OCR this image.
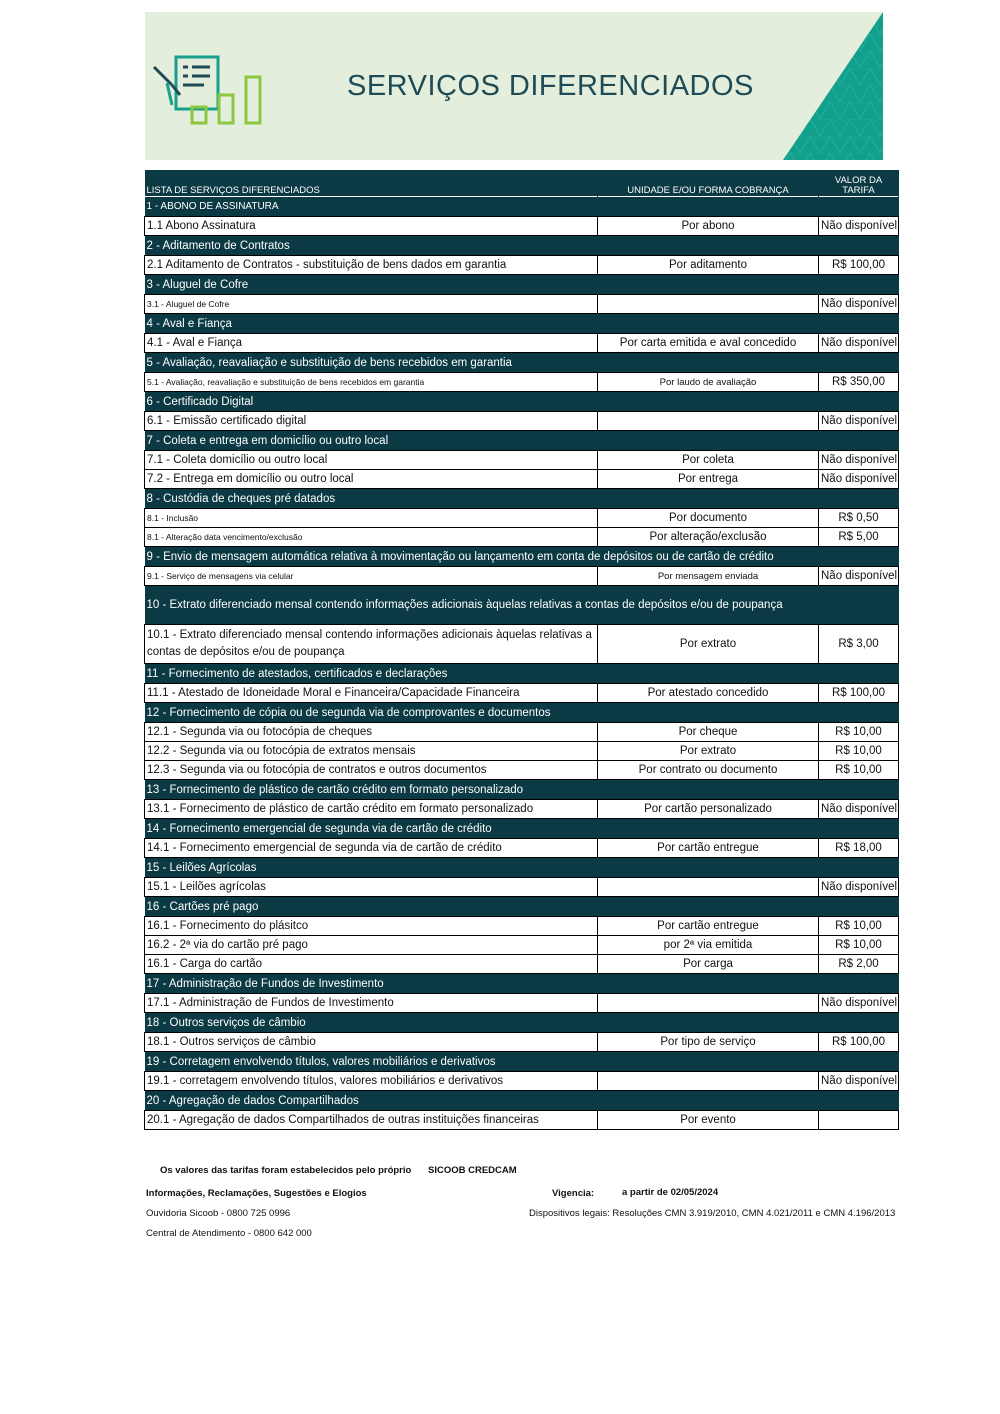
SERVIÇOS DIFERENCIADOS
LISTA DE SERVIÇOS DIFERENCIADOS	UNIDADE E/OU FORMA COBRANÇA	VALOR DA TARIFA
1 - ABONO DE ASSINATURA		
1.1 Abono Assinatura	Por abono	Não disponível
2 - Aditamento de Contratos		
2.1 Aditamento de Contratos - substituição de bens dados em garantia	Por aditamento	R$ 100,00
3 - Aluguel de Cofre		
3.1 - Aluguel de Cofre		Não disponível
4 - Aval e Fiança		
4.1 - Aval e Fiança	Por carta emitida e aval concedido	Não disponível
5 - Avaliação, reavaliação e substituição de bens recebidos em garantia		
5.1 - Avaliação, reavaliação e substituição de bens recebidos em garantia	Por laudo de avaliação	R$ 350,00
6 - Certificado Digital		
6.1 - Emissão certificado digital		Não disponível
7 - Coleta e entrega em domicílio ou outro local		
7.1 - Coleta domicílio ou outro local	Por coleta	Não disponível
7.2 - Entrega em domicílio ou outro local	Por entrega	Não disponível
8 - Custódia de cheques pré datados		
8.1 - Inclusão	Por documento	R$ 0,50
8.1 - Alteração data vencimento/exclusão	Por alteração/exclusão	R$ 5,00
9 - Envio de mensagem automática relativa à movimentação ou lançamento em conta de depósitos ou de cartão de crédito		
9.1 - Serviço de mensagens via celular	Por mensagem enviada	Não disponível
10 - Extrato diferenciado mensal contendo informações adicionais àquelas relativas a contas de depósitos e/ou de poupança		
10.1 - Extrato diferenciado mensal contendo informações adicionais àquelas relativas a contas de depósitos e/ou de poupança	Por extrato	R$ 3,00
11 - Fornecimento de atestados, certificados e declarações		
11.1 - Atestado de Idoneidade Moral e Financeira/Capacidade Financeira	Por atestado concedido	R$ 100,00
12 - Fornecimento de cópia ou de segunda via de comprovantes e documentos		
12.1 - Segunda via ou fotocópia de cheques	Por cheque	R$ 10,00
12.2 - Segunda via ou fotocópia de extratos mensais	Por extrato	R$ 10,00
12.3 - Segunda via ou fotocópia de contratos e outros documentos	Por contrato ou documento	R$ 10,00
13 - Fornecimento de plástico de cartão crédito em formato personalizado		
13.1 - Fornecimento de plástico de cartão crédito em formato personalizado	Por cartão personalizado	Não disponível
14 - Fornecimento emergencial de segunda via de cartão de crédito		
14.1 - Fornecimento emergencial de segunda via de cartão de crédito	Por cartão entregue	R$ 18,00
15 - Leilões Agrícolas		
15.1 - Leilões agrícolas		Não disponível
16 - Cartões pré pago		
16.1 - Fornecimento do plásitco	Por cartão entregue	R$ 10,00
16.2 - 2ª via do cartão pré pago	por 2ª via emitida	R$ 10,00
16.1 - Carga do cartão	Por carga	R$ 2,00
17 - Administração de Fundos de Investimento		
17.1 - Administração de Fundos de Investimento		Não disponível
18 - Outros serviços de câmbio		
18.1 - Outros serviços de câmbio	Por tipo de serviço	R$ 100,00
19 - Corretagem envolvendo títulos, valores mobiliários e derivativos		
19.1 - corretagem envolvendo títulos, valores mobiliários e derivativos		Não disponível
20 - Agregação de dados Compartilhados		
20.1 - Agregação de dados Compartilhados de outras instituições financeiras	Por evento	
Os valores das tarifas foram estabelecidos pelo próprio SICOOB CREDCAM
Informações, Reclamações, Sugestões e Elogios	Vigencia:	a partir de 02/05/2024
Ouvidoria Sicoob - 0800 725 0996	Dispositivos legais: Resoluções CMN 3.919/2010, CMN 4.021/2011 e CMN 4.196/2013
Central de Atendimento - 0800 642 000
